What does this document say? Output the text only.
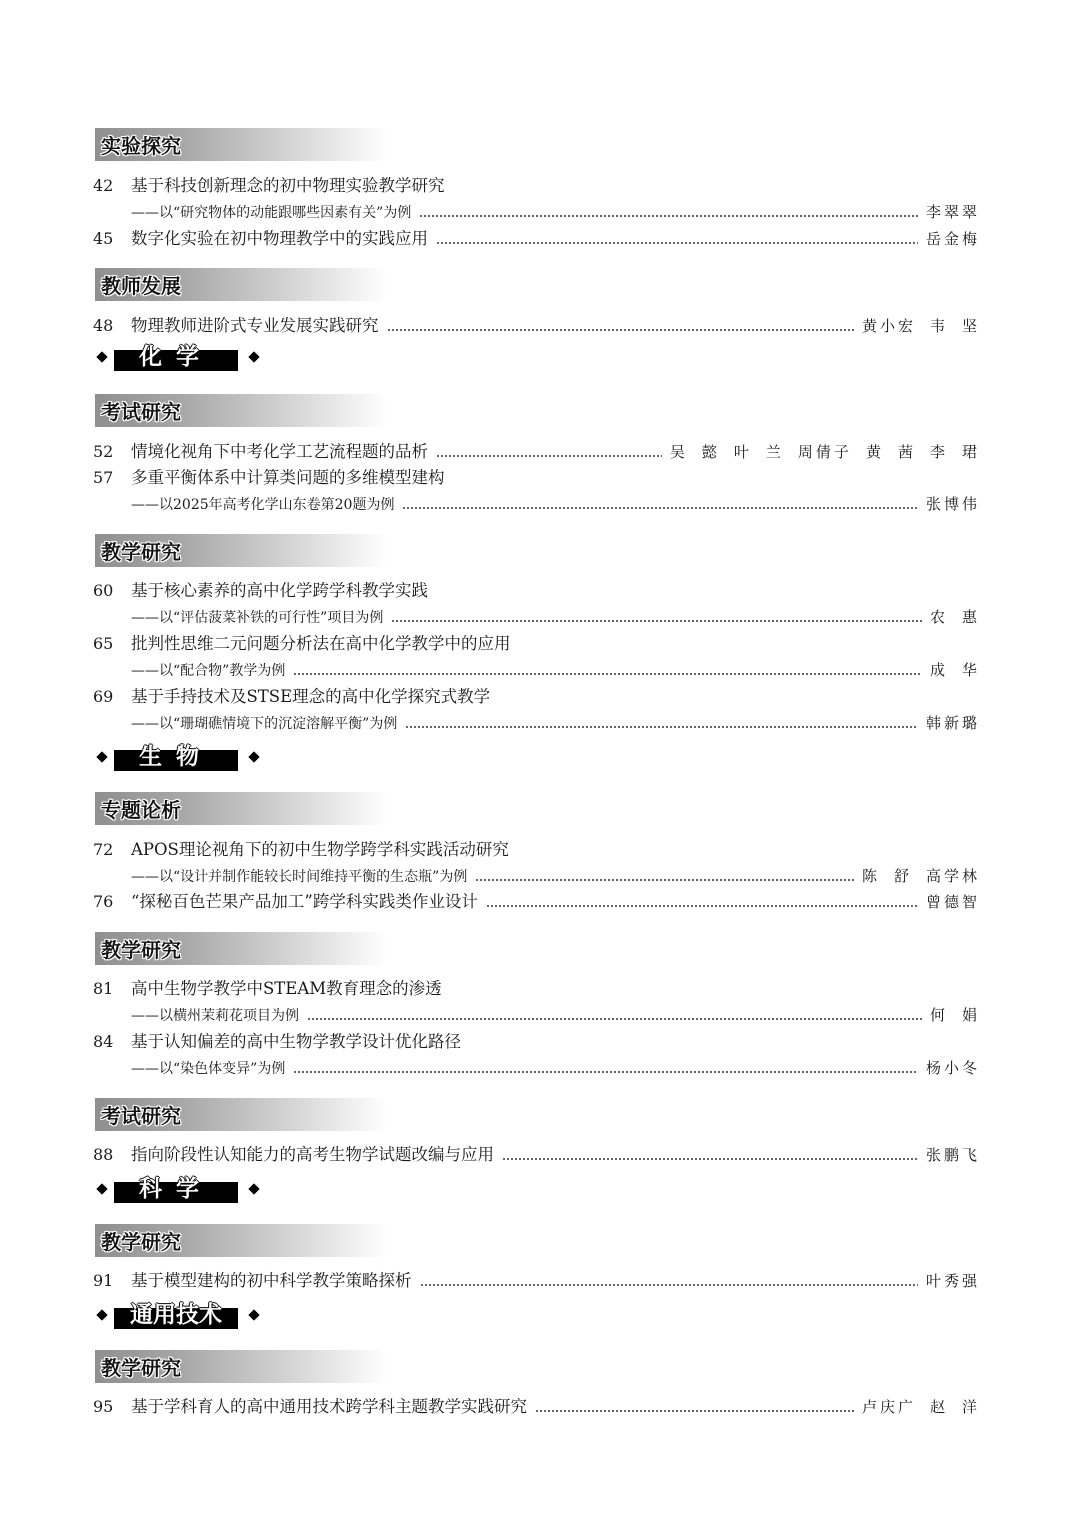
实验探究
42	基于科技创新理念的初中物理实验教学研究
——以“研究物体的动能跟哪些因素有关”为例	李翠翠
45	数字化实验在初中物理教学中的实践应用	岳金梅
教师发展
48	物理教师进阶式专业发展实践研究	黄小宏 韦 坚
化学
考试研究
52	情境化视角下中考化学工艺流程题的品析	吴 懿 叶 兰 周倩子 黄 茜 李 珺
57	多重平衡体系中计算类问题的多维模型建构
——以2025年高考化学山东卷第20题为例	张博伟
教学研究
60	基于核心素养的高中化学跨学科教学实践
——以“评估菠菜补铁的可行性”项目为例	农 惠
65	批判性思维二元问题分析法在高中化学教学中的应用
——以“配合物”教学为例	成 华
69	基于手持技术及STSE理念的高中化学探究式教学
——以“珊瑚礁情境下的沉淀溶解平衡”为例	韩新璐
生物
专题论析
72	APOS理论视角下的初中生物学跨学科实践活动研究
——以“设计并制作能较长时间维持平衡的生态瓶”为例	陈 舒 高学林
76	“探秘百色芒果产品加工”跨学科实践类作业设计	曾德智
教学研究
81	高中生物学教学中STEAM教育理念的渗透
——以横州茉莉花项目为例	何 娟
84	基于认知偏差的高中生物学教学设计优化路径
——以“染色体变异”为例	杨小冬
考试研究
88	指向阶段性认知能力的高考生物学试题改编与应用	张鹏飞
科学
教学研究
91	基于模型建构的初中科学教学策略探析	叶秀强
通用技术
教学研究
95	基于学科育人的高中通用技术跨学科主题教学实践研究	卢庆广 赵 洋
